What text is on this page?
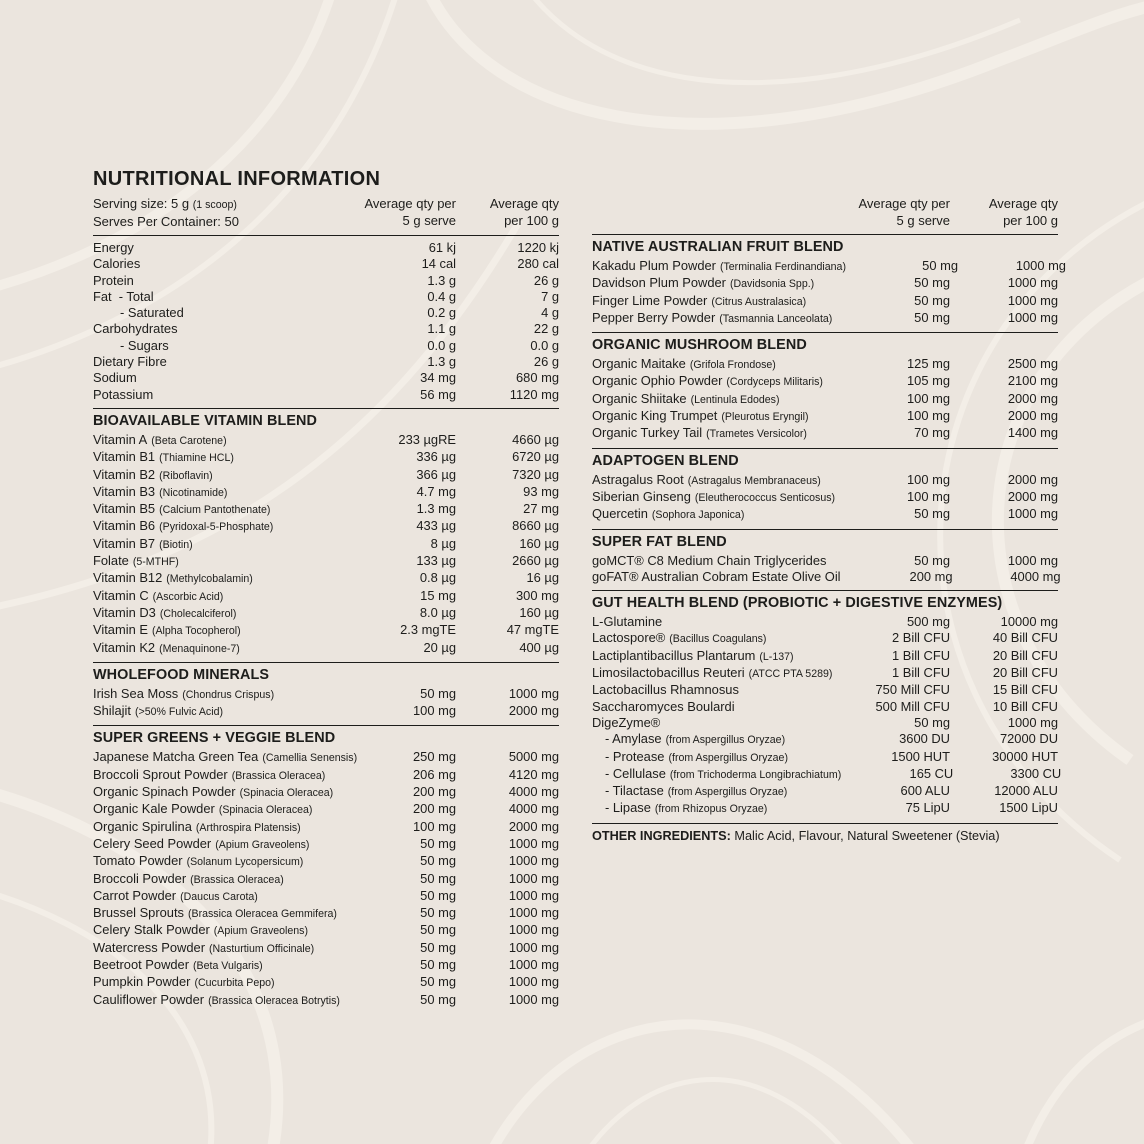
NUTRITIONAL INFORMATION
Serving size: 5 g (1 scoop)
Serves Per Container: 50
Average qty per
5 g serve
Average qty
per 100 g
Energy	61 kj	1220 kj
Calories	14 cal	280 cal
Protein	1.3 g	26 g
Fat  - Total	0.4 g	7 g
- Saturated	0.2 g	4 g
Carbohydrates	1.1 g	22 g
- Sugars	0.0 g	0.0 g
Dietary Fibre	1.3 g	26 g
Sodium	34 mg	680 mg
Potassium	56 mg	1120 mg
BIOAVAILABLE VITAMIN BLEND
Vitamin A (Beta Carotene)	233 µgRE	4660 µg
Vitamin B1 (Thiamine HCL)	336 µg	6720 µg
Vitamin B2 (Riboflavin)	366 µg	7320 µg
Vitamin B3 (Nicotinamide)	4.7 mg	93 mg
Vitamin B5 (Calcium Pantothenate)	1.3 mg	27 mg
Vitamin B6 (Pyridoxal-5-Phosphate)	433 µg	8660 µg
Vitamin B7 (Biotin)	8 µg	160 µg
Folate (5-MTHF)	133 µg	2660 µg
Vitamin B12 (Methylcobalamin)	0.8 µg	16 µg
Vitamin C (Ascorbic Acid)	15 mg	300 mg
Vitamin D3 (Cholecalciferol)	8.0 µg	160 µg
Vitamin E (Alpha Tocopherol)	2.3 mgTE	47 mgTE
Vitamin K2 (Menaquinone-7)	20 µg	400 µg
WHOLEFOOD MINERALS
Irish Sea Moss (Chondrus Crispus)	50 mg	1000 mg
Shilajit (>50% Fulvic Acid)	100 mg	2000 mg
SUPER GREENS + VEGGIE BLEND
Japanese Matcha Green Tea (Camellia Senensis)	250 mg	5000 mg
Broccoli Sprout Powder (Brassica Oleracea)	206 mg	4120 mg
Organic Spinach Powder (Spinacia Oleracea)	200 mg	4000 mg
Organic Kale Powder (Spinacia Oleracea)	200 mg	4000 mg
Organic Spirulina (Arthrospira Platensis)	100 mg	2000 mg
Celery Seed Powder (Apium Graveolens)	50 mg	1000 mg
Tomato Powder (Solanum Lycopersicum)	50 mg	1000 mg
Broccoli Powder (Brassica Oleracea)	50 mg	1000 mg
Carrot Powder (Daucus Carota)	50 mg	1000 mg
Brussel Sprouts (Brassica Oleracea Gemmifera)	50 mg	1000 mg
Celery Stalk Powder (Apium Graveolens)	50 mg	1000 mg
Watercress Powder (Nasturtium Officinale)	50 mg	1000 mg
Beetroot Powder (Beta Vulgaris)	50 mg	1000 mg
Pumpkin Powder (Cucurbita Pepo)	50 mg	1000 mg
Cauliflower Powder (Brassica Oleracea Botrytis)	50 mg	1000 mg
Average qty per
5 g serve
Average qty
per 100 g
NATIVE AUSTRALIAN FRUIT BLEND
Kakadu Plum Powder (Terminalia Ferdinandiana)	50 mg	1000 mg
Davidson Plum Powder (Davidsonia Spp.)	50 mg	1000 mg
Finger Lime Powder (Citrus Australasica)	50 mg	1000 mg
Pepper Berry Powder (Tasmannia Lanceolata)	50 mg	1000 mg
ORGANIC MUSHROOM BLEND
Organic Maitake (Grifola Frondose)	125 mg	2500 mg
Organic Ophio Powder (Cordyceps Militaris)	105 mg	2100 mg
Organic Shiitake (Lentinula Edodes)	100 mg	2000 mg
Organic King Trumpet (Pleurotus Eryngil)	100 mg	2000 mg
Organic Turkey Tail (Trametes Versicolor)	70 mg	1400 mg
ADAPTOGEN BLEND
Astragalus Root (Astragalus Membranaceus)	100 mg	2000 mg
Siberian Ginseng (Eleutherococcus Senticosus)	100 mg	2000 mg
Quercetin (Sophora Japonica)	50 mg	1000 mg
SUPER FAT BLEND
goMCT® C8 Medium Chain Triglycerides	50 mg	1000 mg
goFAT® Australian Cobram Estate Olive Oil	200 mg	4000 mg
GUT HEALTH BLEND (PROBIOTIC + DIGESTIVE ENZYMES)
L-Glutamine	500 mg	10000 mg
Lactospore® (Bacillus Coagulans)	2 Bill CFU	40 Bill CFU
Lactiplantibacillus Plantarum (L-137)	1 Bill CFU	20 Bill CFU
Limosilactobacillus Reuteri (ATCC PTA 5289)	1 Bill CFU	20 Bill CFU
Lactobacillus Rhamnosus	750 Mill CFU	15 Bill CFU
Saccharomyces Boulardi	500 Mill CFU	10 Bill CFU
DigeZyme®	50 mg	1000 mg
- Amylase (from Aspergillus Oryzae)	3600 DU	72000 DU
- Protease (from Aspergillus Oryzae)	1500 HUT	30000 HUT
- Cellulase (from Trichoderma Longibrachiatum)	165 CU	3300 CU
- Tilactase (from Aspergillus Oryzae)	600 ALU	12000 ALU
- Lipase (from Rhizopus Oryzae)	75 LipU	1500 LipU
OTHER INGREDIENTS: Malic Acid, Flavour, Natural Sweetener (Stevia)
